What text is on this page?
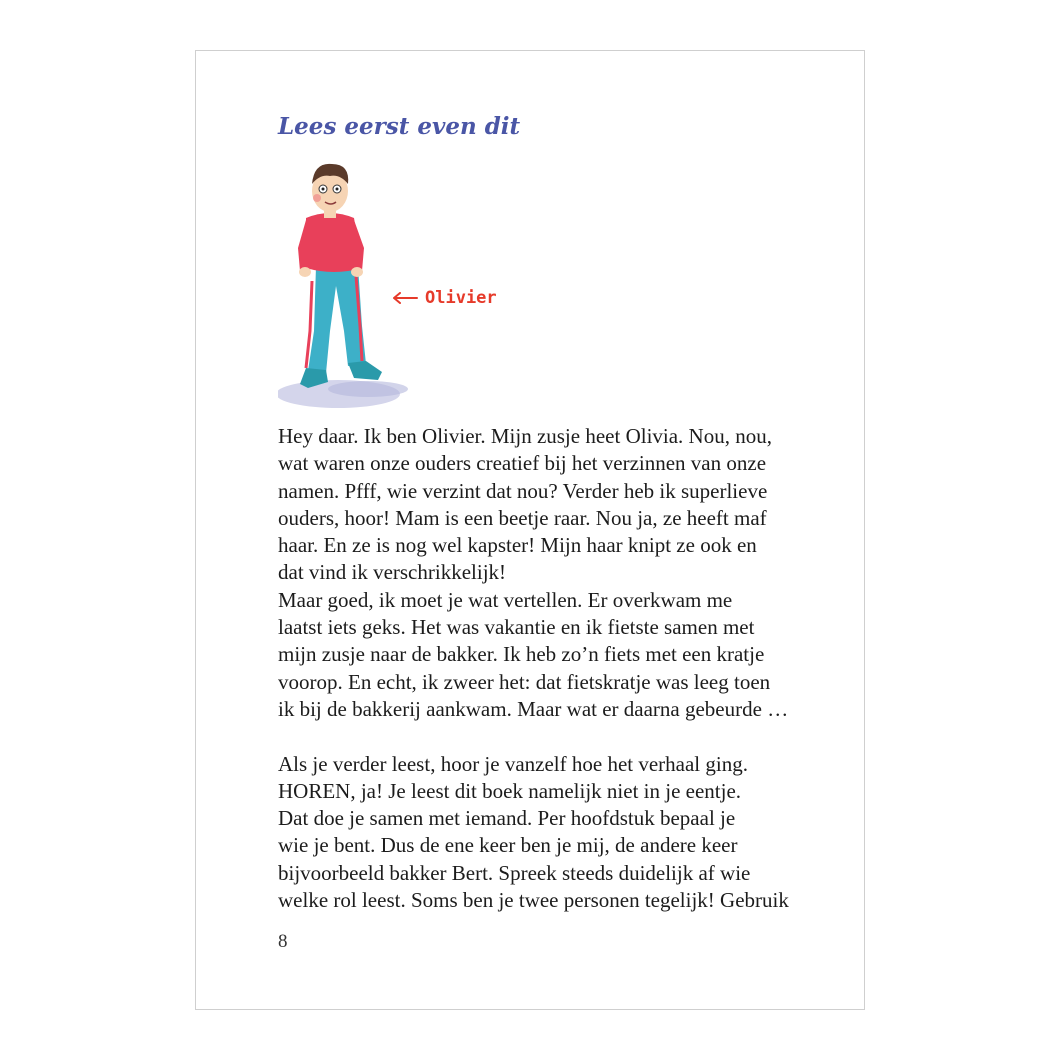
Lees eerst even dit
Olivier
Hey daar. Ik ben Olivier. Mijn zusje heet Olivia. Nou, nou,
wat waren onze ouders creatief bij het verzinnen van onze
namen. Pfff, wie verzint dat nou? Verder heb ik superlieve
ouders, hoor! Mam is een beetje raar. Nou ja, ze heeft maf
haar. En ze is nog wel kapster! Mijn haar knipt ze ook en
dat vind ik verschrikkelijk!
Maar goed, ik moet je wat vertellen. Er overkwam me
laatst iets geks. Het was vakantie en ik fietste samen met
mijn zusje naar de bakker. Ik heb zo’n fiets met een kratje
voorop. En echt, ik zweer het: dat fietskratje was leeg toen
ik bij de bakkerij aankwam. Maar wat er daarna gebeurde …
Als je verder leest, hoor je vanzelf hoe het verhaal ging.
HOREN, ja! Je leest dit boek namelijk niet in je eentje.
Dat doe je samen met iemand. Per hoofdstuk bepaal je
wie je bent. Dus de ene keer ben je mij, de andere keer
bijvoorbeeld bakker Bert. Spreek steeds duidelijk af wie
welke rol leest. Soms ben je twee personen tegelijk! Gebruik
8
